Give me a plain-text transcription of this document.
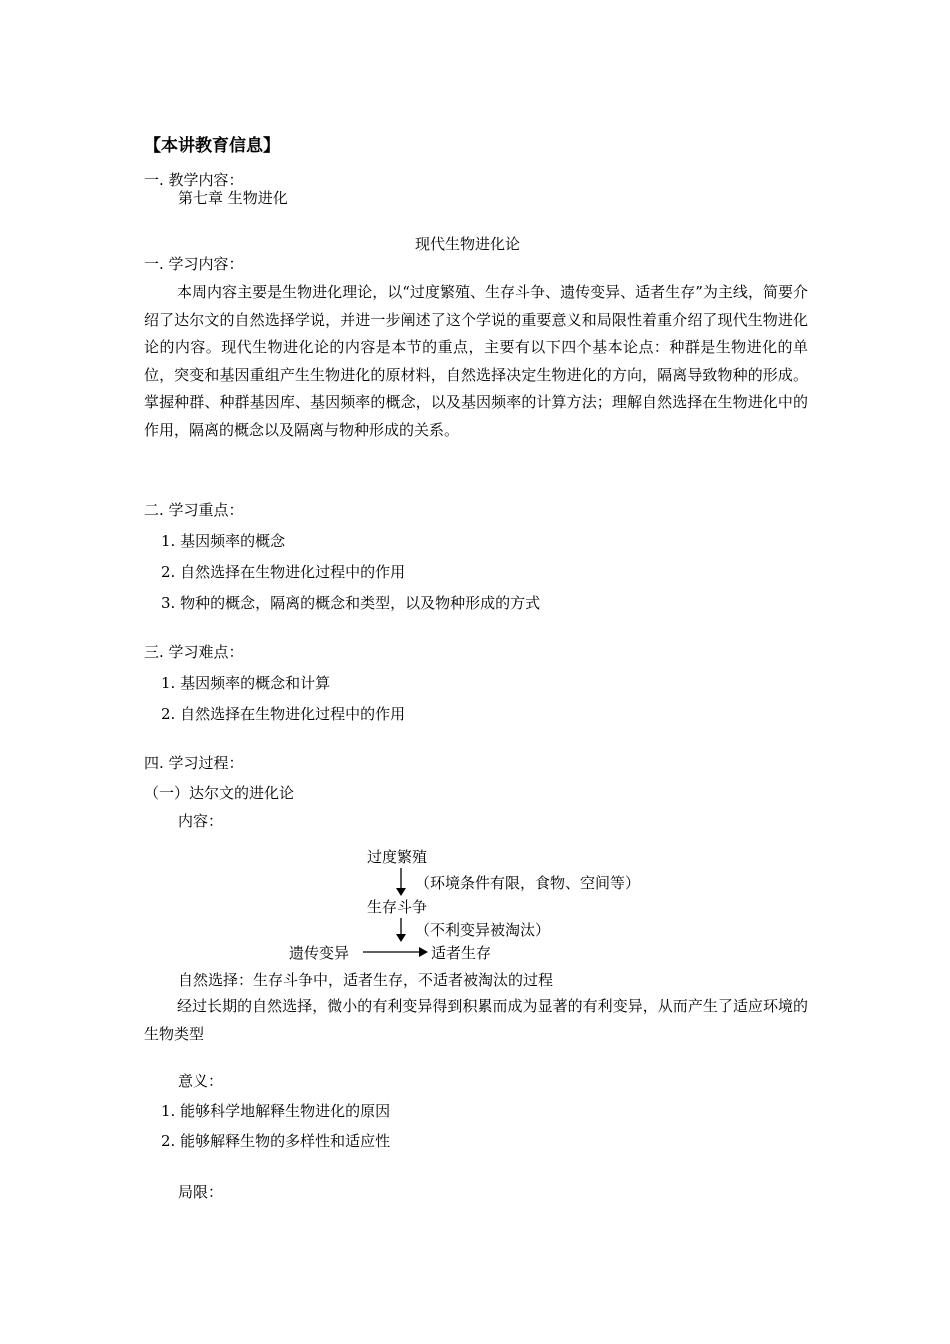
【本讲教育信息】
一. 教学内容：
第七章 生物进化
现代生物进化论
一. 学习内容：
本周内容主要是生物进化理论，以“过度繁殖、生存斗争、遗传变异、适者生存”为主线，简要介绍了达尔文的自然选择学说，并进一步阐述了这个学说的重要意义和局限性着重介绍了现代生物进化论的内容。现代生物进化论的内容是本节的重点，主要有以下四个基本论点：种群是生物进化的单位，突变和基因重组产生生物进化的原材料，自然选择决定生物进化的方向，隔离导致物种的形成。掌握种群、种群基因库、基因频率的概念，以及基因频率的计算方法；理解自然选择在生物进化中的作用，隔离的概念以及隔离与物种形成的关系。
二. 学习重点：
1. 基因频率的概念
2. 自然选择在生物进化过程中的作用
3. 物种的概念，隔离的概念和类型，以及物种形成的方式
三. 学习难点：
1. 基因频率的概念和计算
2. 自然选择在生物进化过程中的作用
四. 学习过程：
（一）达尔文的进化论
内容：
过度繁殖
（环境条件有限，食物、空间等）
生存斗争
（不利变异被淘汰）
遗传变异	适者生存
自然选择：生存斗争中，适者生存，不适者被淘汰的过程
经过长期的自然选择，微小的有利变异得到积累而成为显著的有利变异，从而产生了适应环境的生物类型
意义：
1. 能够科学地解释生物进化的原因
2. 能够解释生物的多样性和适应性
局限：
